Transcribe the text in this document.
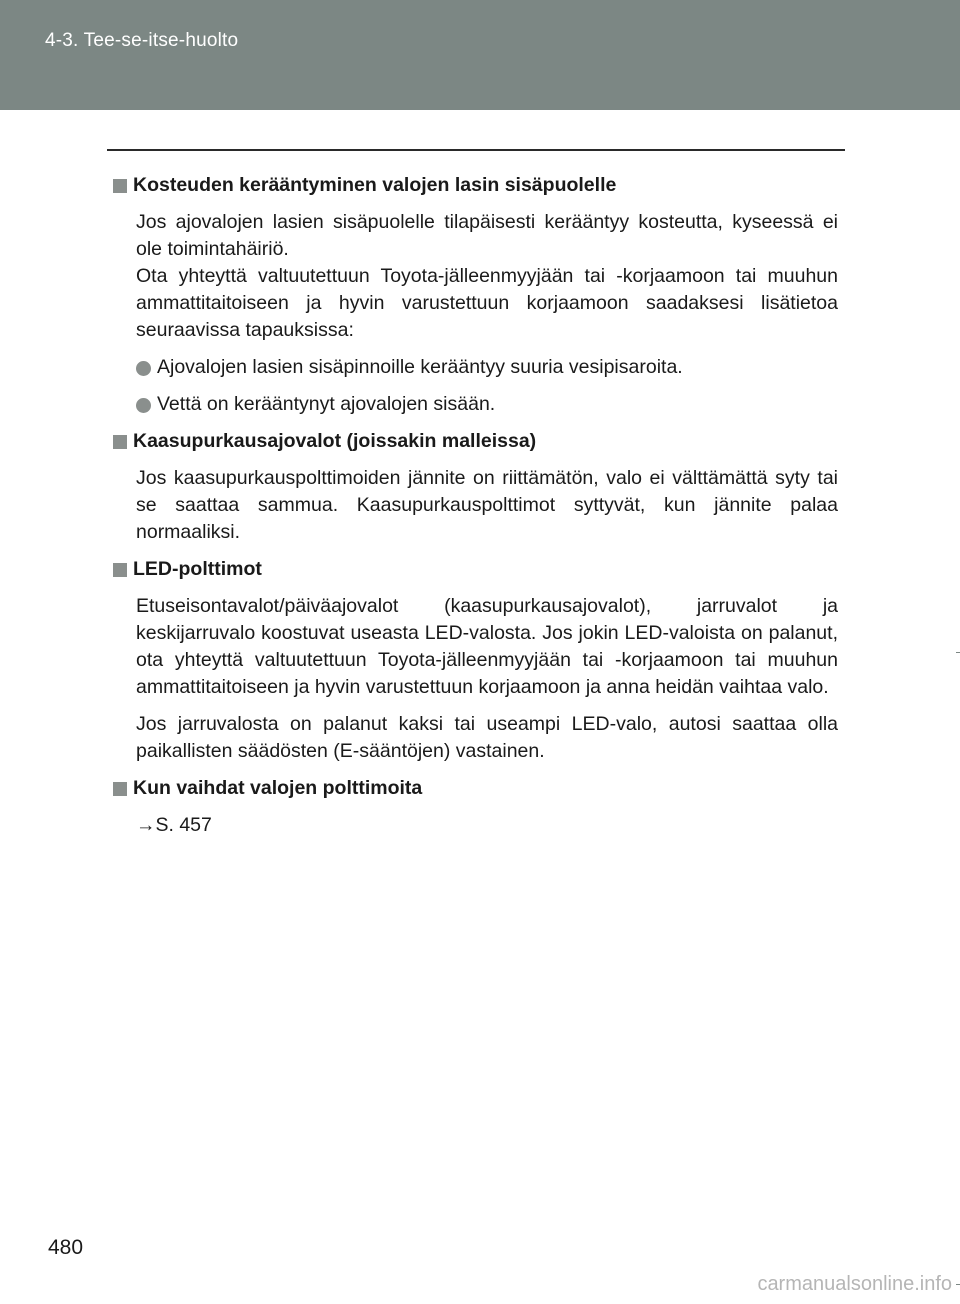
4-3. Tee-se-itse-huolto
Kosteuden kerääntyminen valojen lasin sisäpuolelle

Jos ajovalojen lasien sisäpuolelle tilapäisesti kerääntyy kosteutta, kyseessä ei ole toimintahäiriö.

Ota yhteyttä valtuutettuun Toyota-jälleenmyyjään tai -korjaamoon tai muuhun ammattitaitoiseen ja hyvin varustettuun korjaamoon saadaksesi lisätietoa seuraavissa tapauksissa:

Ajovalojen lasien sisäpinnoille kerääntyy suuria vesipisaroita.
Vettä on kerääntynyt ajovalojen sisään.
Kaasupurkausajovalot (joissakin malleissa)

Jos kaasupurkauspolttimoiden jännite on riittämätön, valo ei välttämättä syty tai se saattaa sammua. Kaasupurkauspolttimot syttyvät, kun jännite palaa normaaliksi.

LED-polttimot

Etuseisontavalot/päiväajovalot (kaasupurkausajovalot), jarruvalot ja keskijarruvalo koostuvat useasta LED-valosta. Jos jokin LED-valoista on palanut, ota yhteyttä valtuutettuun Toyota-jälleenmyyjään tai -korjaamoon tai muuhun ammattitaitoiseen ja hyvin varustettuun korjaamoon ja anna heidän vaihtaa valo.

Jos jarruvalosta on palanut kaksi tai useampi LED-valo, autosi saattaa olla paikallisten säädösten (E-sääntöjen) vastainen.

Kun vaihdat valojen polttimoita

→S. 457

480
carmanualsonline.info
